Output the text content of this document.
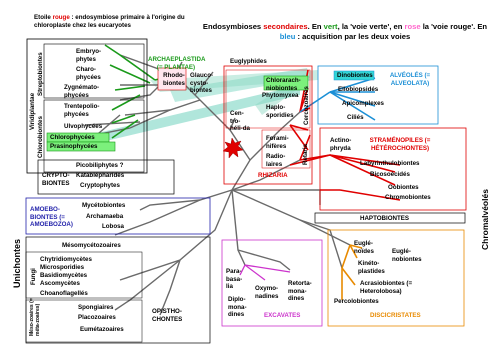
Etoile rouge : endosymbiose primaire à l'origine du chloroplaste chez les eucaryotes	Endosymbioses secondaires. En vert, la 'voie verte', en rose la 'voie rouge'. En bleu : acquisition par les deux voies
Unichontes
Chromalvéolés
Viridiplantae
Streptobiontes
Chlorobiontes
Cercozoaires
Retaria
Fungi
Méso-zoaires (= méta-zoaires)
Embryo-phytes
Charo-phycées
Zygnémato-phycées
Trentepolio-phycées
Ulvophycées
Chlorophycées
Prasinophycées
ARCHAEPLASTIDA (= PLANTAE)
Rhodo-biontes
Glauco-cysto-biontes
Cen-tro-héli-da
Euglyphides
Chlorarach-niobiontes
Phytomyxea
Haplo-sporidies
Forami-nifères
Radio-laires
RHIZARIA
Dinobiontes	ALVÉOLÉS (= ALVEOLATA)
Ellobiopsidés
Apicomplexes
Ciliés
Actino-phryda
STRAMÉNOPILES (= HÉTÉROCHONTES)
Labyrinthulobiontes
Bicosoécidés
Oobiontes
Chromobiontes
Picobiliphytes ?
Katablépharides
Cryptophytes
CRYPTO-BIONTES
HAPTOBIONTES
AMOEBO-BIONTES (= AMOEBOZOA)
Mycétobiontes
Archamaeba
Lobosa
Mésomycétozoaires
Chytridiomycètes
Microsporidies
Basidiomycètes
Ascomycètes
Choanoflagellés
Spongiaires
Placozoaires
Eumétazoaires
OPISTHO-CHONTES
Para-basa-lia
Diplo-mona-dines
Oxymo-nadines
Retorta-mona-dines
EXCAVATES
Euglé-noïdes	Euglé-nobiontes
Kinéto-plastides
Acrasiobiontes (= Heterolobosa)
Percolobiontes
DISCICRISTATES
